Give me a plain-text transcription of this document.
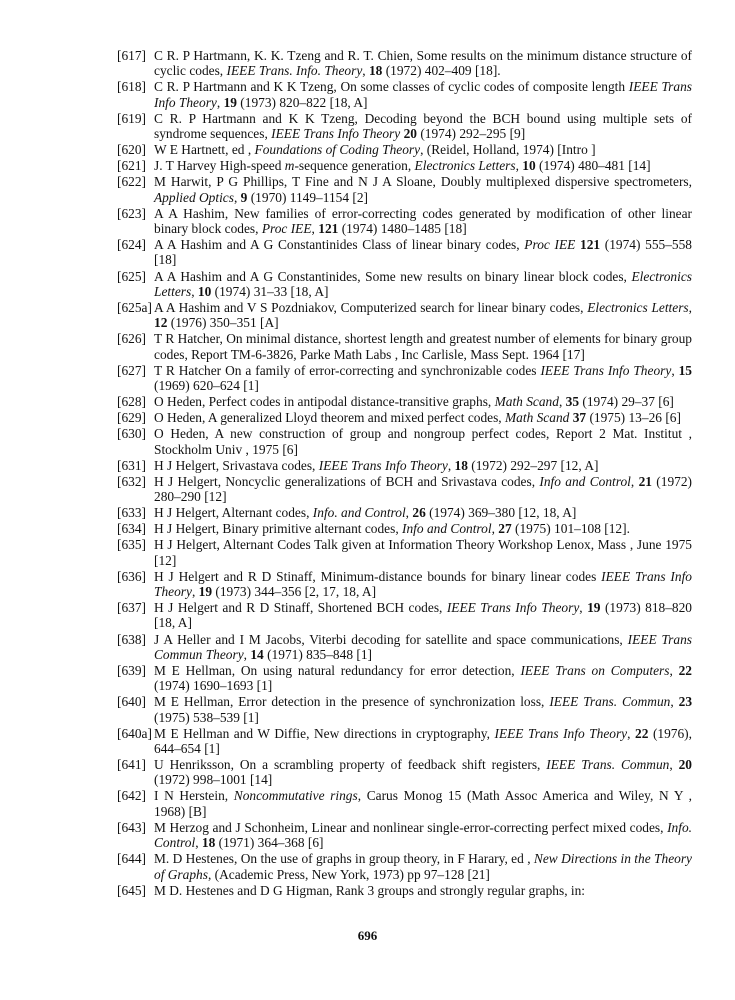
[617] C R. P Hartmann, K. K. Tzeng and R. T. Chien, Some results on the minimum distance structure of cyclic codes, IEEE Trans. Info. Theory, 18 (1972) 402–409 [18].
[618] C R. P Hartmann and K K Tzeng, On some classes of cyclic codes of composite length IEEE Trans Info Theory, 19 (1973) 820–822 [18, A]
[619] C R. P Hartmann and K K Tzeng, Decoding beyond the BCH bound using multiple sets of syndrome sequences, IEEE Trans Info Theory 20 (1974) 292–295 [9]
[620] W E Hartnett, ed , Foundations of Coding Theory, (Reidel, Holland, 1974) [Intro ]
[621] J. T Harvey High-speed m-sequence generation, Electronics Letters, 10 (1974) 480–481 [14]
[622] M Harwit, P G Phillips, T Fine and N J A Sloane, Doubly multiplexed dispersive spectrometers, Applied Optics, 9 (1970) 1149–1154 [2]
[623] A A Hashim, New families of error-correcting codes generated by modification of other linear binary block codes, Proc IEE, 121 (1974) 1480–1485 [18]
[624] A A Hashim and A G Constantinides Class of linear binary codes, Proc IEE 121 (1974) 555–558 [18]
[625] A A Hashim and A G Constantinides, Some new results on binary linear block codes, Electronics Letters, 10 (1974) 31–33 [18, A]
[625a] A A Hashim and V S Pozdniakov, Computerized search for linear binary codes, Electronics Letters, 12 (1976) 350–351 [A]
[626] T R Hatcher, On minimal distance, shortest length and greatest number of elements for binary group codes, Report TM-6-3826, Parke Math Labs , Inc Carlisle, Mass Sept. 1964 [17]
[627] T R Hatcher On a family of error-correcting and synchronizable codes IEEE Trans Info Theory, 15 (1969) 620–624 [1]
[628] O Heden, Perfect codes in antipodal distance-transitive graphs, Math Scand, 35 (1974) 29–37 [6]
[629] O Heden, A generalized Lloyd theorem and mixed perfect codes, Math Scand 37 (1975) 13–26 [6]
[630] O Heden, A new construction of group and nongroup perfect codes, Report 2 Mat. Institut , Stockholm Univ , 1975 [6]
[631] H J Helgert, Srivastava codes, IEEE Trans Info Theory, 18 (1972) 292–297 [12, A]
[632] H J Helgert, Noncyclic generalizations of BCH and Srivastava codes, Info and Control, 21 (1972) 280–290 [12]
[633] H J Helgert, Alternant codes, Info. and Control, 26 (1974) 369–380 [12, 18, A]
[634] H J Helgert, Binary primitive alternant codes, Info and Control, 27 (1975) 101–108 [12].
[635] H J Helgert, Alternant Codes Talk given at Information Theory Workshop Lenox, Mass , June 1975 [12]
[636] H J Helgert and R D Stinaff, Minimum-distance bounds for binary linear codes IEEE Trans Info Theory, 19 (1973) 344–356 [2, 17, 18, A]
[637] H J Helgert and R D Stinaff, Shortened BCH codes, IEEE Trans Info Theory, 19 (1973) 818–820 [18, A]
[638] J A Heller and I M Jacobs, Viterbi decoding for satellite and space communications, IEEE Trans Commun Theory, 14 (1971) 835–848 [1]
[639] M E Hellman, On using natural redundancy for error detection, IEEE Trans on Computers, 22 (1974) 1690–1693 [1]
[640] M E Hellman, Error detection in the presence of synchronization loss, IEEE Trans. Commun, 23 (1975) 538–539 [1]
[640a] M E Hellman and W Diffie, New directions in cryptography, IEEE Trans Info Theory, 22 (1976), 644–654 [1]
[641] U Henriksson, On a scrambling property of feedback shift registers, IEEE Trans. Commun, 20 (1972) 998–1001 [14]
[642] I N Herstein, Noncommutative rings, Carus Monog 15 (Math Assoc America and Wiley, N Y , 1968) [B]
[643] M Herzog and J Schonheim, Linear and nonlinear single-error-correcting perfect mixed codes, Info. Control, 18 (1971) 364–368 [6]
[644] M. D Hestenes, On the use of graphs in group theory, in F Harary, ed , New Directions in the Theory of Graphs, (Academic Press, New York, 1973) pp 97–128 [21]
[645] M D. Hestenes and D G Higman, Rank 3 groups and strongly regular graphs, in:
696
